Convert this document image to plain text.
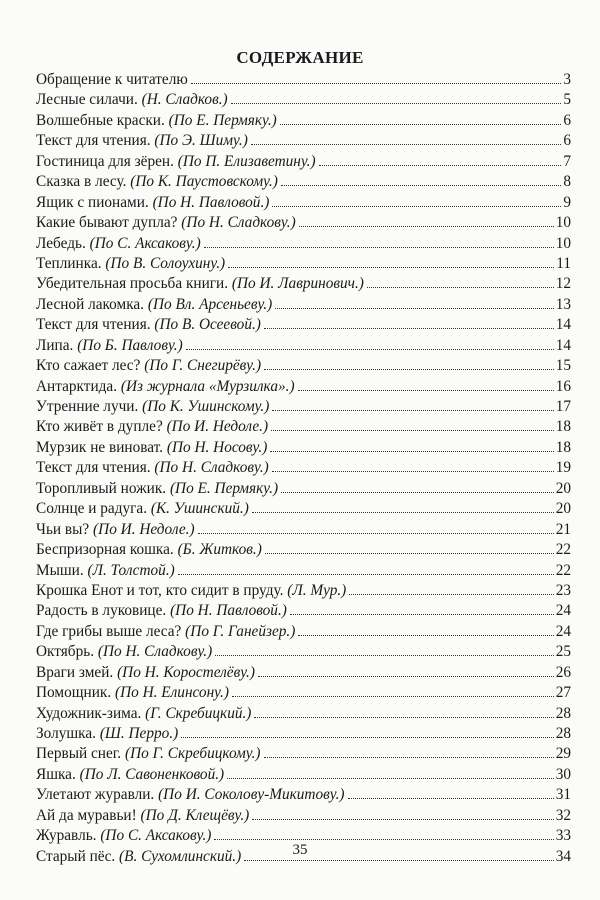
СОДЕРЖАНИЕ
Обращение к читателю	3
Лесные силачи. (Н. Сладков.)	5
Волшебные краски. (По Е. Пермяку.)	6
Текст для чтения. (По Э. Шиму.)	6
Гостиница для зёрен. (По П. Елизаветину.)	7
Сказка в лесу. (По К. Паустовскому.)	8
Ящик с пионами. (По Н. Павловой.)	9
Какие бывают дупла? (По Н. Сладкову.)	10
Лебедь. (По С. Аксакову.)	10
Теплинка. (По В. Солоухину.)	11
Убедительная просьба книги. (По И. Лавринович.)	12
Лесной лакомка. (По Вл. Арсеньеву.)	13
Текст для чтения. (По В. Осеевой.)	14
Липа. (По Б. Павлову.)	14
Кто сажает лес? (По Г. Снегирёву.)	15
Антарктида. (Из журнала «Мурзилка».)	16
Утренние лучи. (По К. Ушинскому.)	17
Кто живёт в дупле? (По И. Недоле.)	18
Мурзик не виноват. (По Н. Носову.)	18
Текст для чтения. (По Н. Сладкову.)	19
Торопливый ножик. (По Е. Пермяку.)	20
Солнце и радуга. (К. Ушинский.)	20
Чьи вы? (По И. Недоле.)	21
Беспризорная кошка. (Б. Житков.)	22
Мыши. (Л. Толстой.)	22
Крошка Енот и тот, кто сидит в пруду. (Л. Мур.)	23
Радость в луковице. (По Н. Павловой.)	24
Где грибы выше леса? (По Г. Ганейзер.)	24
Октябрь. (По Н. Сладкову.)	25
Враги змей. (По Н. Коростелёву.)	26
Помощник. (По Н. Елинсону.)	27
Художник-зима. (Г. Скребицкий.)	28
Золушка. (Ш. Перро.)	28
Первый снег. (По Г. Скребицкому.)	29
Яшка. (По Л. Савоненковой.)	30
Улетают журавли. (По И. Соколову-Микитову.)	31
Ай да муравьи! (По Д. Клещёву.)	32
Журавль. (По С. Аксакову.)	33
Старый пёс. (В. Сухомлинский.)	34
35
